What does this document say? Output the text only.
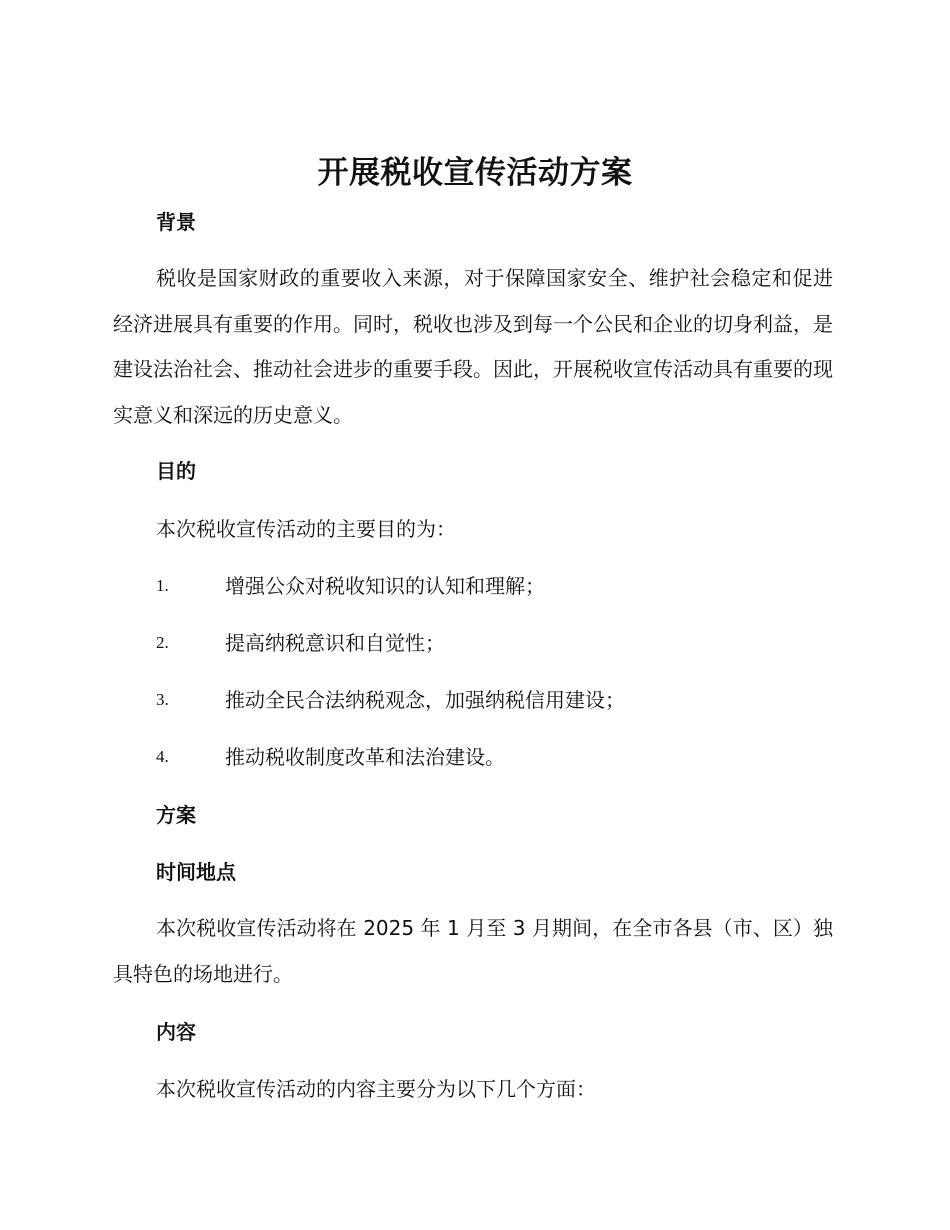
开展税收宣传活动方案
背景
税收是国家财政的重要收入来源，对于保障国家安全、维护社会稳定和促进经济进展具有重要的作用。同时，税收也涉及到每一个公民和企业的切身利益，是建设法治社会、推动社会进步的重要手段。因此，开展税收宣传活动具有重要的现实意义和深远的历史意义。
目的
本次税收宣传活动的主要目的为：
1.	增强公众对税收知识的认知和理解；
2.	提高纳税意识和自觉性；
3.	推动全民合法纳税观念，加强纳税信用建设；
4.	推动税收制度改革和法治建设。
方案
时间地点
本次税收宣传活动将在 2025 年 1 月至 3 月期间，在全市各县（市、区）独具特色的场地进行。
内容
本次税收宣传活动的内容主要分为以下几个方面：
